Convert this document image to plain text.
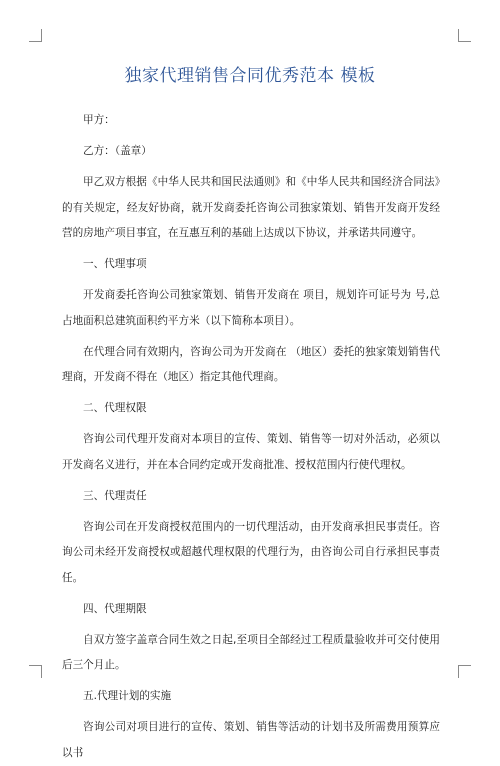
独家代理销售合同优秀范本 模板

甲方：

乙方：（盖章）

甲乙双方根据《中华人民共和国民法通则》和《中华人民共和国经济合同法》的有关规定，经友好协商，就开发商委托咨询公司独家策划、销售开发商开发经营的房地产项目事宜，在互惠互利的基础上达成以下协议，并承诺共同遵守。

一、代理事项

开发商委托咨询公司独家策划、销售开发商在 项目，规划许可证号为 号,总占地面积总建筑面积约平方米（以下简称本项目）。

在代理合同有效期内，咨询公司为开发商在 （地区）委托的独家策划销售代理商，开发商不得在（地区）指定其他代理商。

二、代理权限

咨询公司代理开发商对本项目的宣传、策划、销售等一切对外活动，必须以开发商名义进行，并在本合同约定或开发商批准、授权范围内行使代理权。

三、代理责任

咨询公司在开发商授权范围内的一切代理活动，由开发商承担民事责任。咨询公司未经开发商授权或超越代理权限的代理行为，由咨询公司自行承担民事责任。

四、代理期限

自双方签字盖章合同生效之日起,至项目全部经过工程质量验收并可交付使用后三个月止。

五.代理计划的实施

咨询公司对项目进行的宣传、策划、销售等活动的计划书及所需费用预算应以书
